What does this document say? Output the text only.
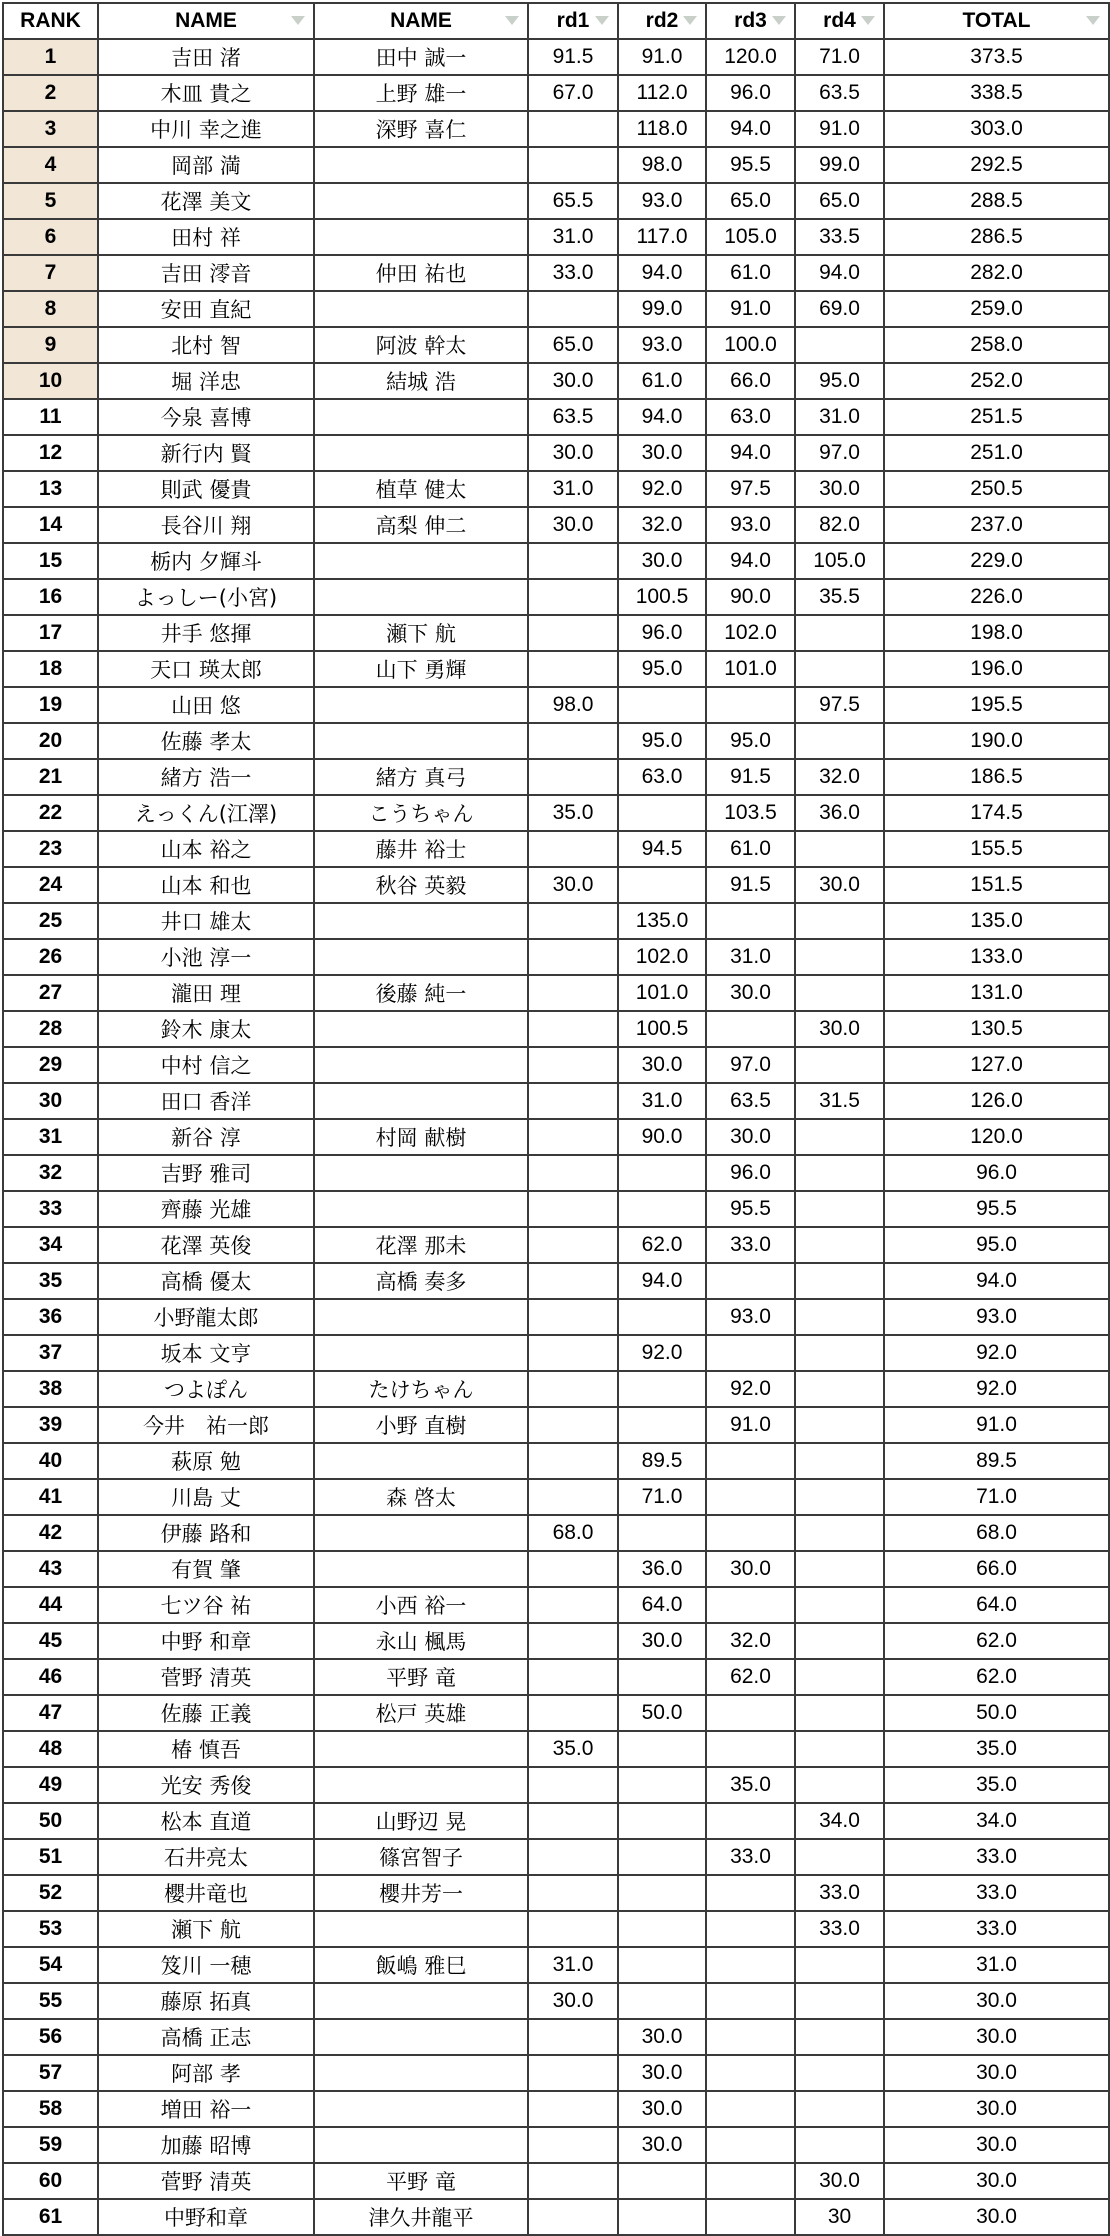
RANK	NAME	NAME	rd1	rd2	rd3	rd4	TOTAL

1	吉田 渚	田中 誠一	91.5	91.0	120.0	71.0	373.5
2	木皿 貴之	上野 雄一	67.0	112.0	96.0	63.5	338.5
3	中川 幸之進	深野 喜仁		118.0	94.0	91.0	303.0
4	岡部 満			98.0	95.5	99.0	292.5
5	花澤 美文		65.5	93.0	65.0	65.0	288.5
6	田村 祥		31.0	117.0	105.0	33.5	286.5
7	吉田 澪音	仲田 祐也	33.0	94.0	61.0	94.0	282.0
8	安田 直紀			99.0	91.0	69.0	259.0
9	北村 智	阿波 幹太	65.0	93.0	100.0		258.0
10	堀 洋忠	結城 浩	30.0	61.0	66.0	95.0	252.0
11	今泉 喜博		63.5	94.0	63.0	31.0	251.5
12	新行内 賢		30.0	30.0	94.0	97.0	251.0
13	則武 優貴	植草 健太	31.0	92.0	97.5	30.0	250.5
14	長谷川 翔	高梨 伸二	30.0	32.0	93.0	82.0	237.0
15	栃内 夕輝斗			30.0	94.0	105.0	229.0
16	よっしー(小宮)			100.5	90.0	35.5	226.0
17	井手 悠揮	瀬下 航		96.0	102.0		198.0
18	天口 瑛太郎	山下 勇輝		95.0	101.0		196.0
19	山田 悠		98.0			97.5	195.5
20	佐藤 孝太			95.0	95.0		190.0
21	緒方 浩一	緒方 真弓		63.0	91.5	32.0	186.5
22	えっくん(江澤)	こうちゃん	35.0		103.5	36.0	174.5
23	山本 裕之	藤井 裕士		94.5	61.0		155.5
24	山本 和也	秋谷 英毅	30.0		91.5	30.0	151.5
25	井口 雄太			135.0			135.0
26	小池 淳一			102.0	31.0		133.0
27	瀧田 理	後藤 純一		101.0	30.0		131.0
28	鈴木 康太			100.5		30.0	130.5
29	中村 信之			30.0	97.0		127.0
30	田口 香洋			31.0	63.5	31.5	126.0
31	新谷 淳	村岡 献樹		90.0	30.0		120.0
32	吉野 雅司				96.0		96.0
33	齊藤 光雄				95.5		95.5
34	花澤 英俊	花澤 那未		62.0	33.0		95.0
35	高橋 優太	高橋 奏多		94.0			94.0
36	小野龍太郎				93.0		93.0
37	坂本 文亨			92.0			92.0
38	つよぽん	たけちゃん			92.0		92.0
39	今井　祐一郎	小野 直樹			91.0		91.0
40	萩原 勉			89.5			89.5
41	川島 丈	森 啓太		71.0			71.0
42	伊藤 路和		68.0				68.0
43	有賀 肇			36.0	30.0		66.0
44	七ツ谷 祐	小西 裕一		64.0			64.0
45	中野 和章	永山 楓馬		30.0	32.0		62.0
46	菅野 清英	平野 竜			62.0		62.0
47	佐藤 正義	松戸 英雄		50.0			50.0
48	椿 慎吾		35.0				35.0
49	光安 秀俊				35.0		35.0
50	松本 直道	山野辺 晃				34.0	34.0
51	石井亮太	篠宮智子			33.0		33.0
52	櫻井竜也	櫻井芳一				33.0	33.0
53	瀬下 航					33.0	33.0
54	笈川 一穂	飯嶋 雅巳	31.0				31.0
55	藤原 拓真		30.0				30.0
56	高橋 正志			30.0			30.0
57	阿部 孝			30.0			30.0
58	増田 裕一			30.0			30.0
59	加藤 昭博			30.0			30.0
60	菅野 清英	平野 竜				30.0	30.0
61	中野和章	津久井龍平				30	30.0
